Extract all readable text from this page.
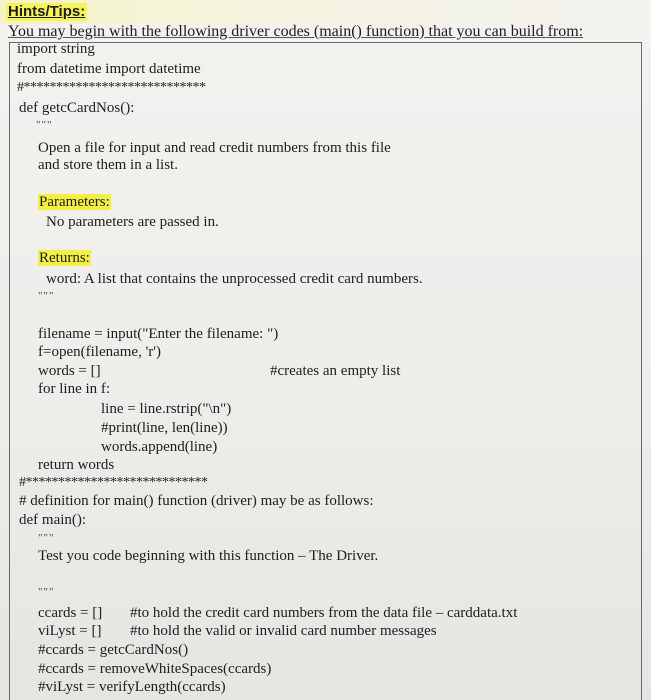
Hints/Tips:
You may begin with the following driver codes (main() function) that you can build from:
import string
from datetime import datetime
#****************************
def getcCardNos():
"""
Open a file for input and read credit numbers from this file
and store them in a list.
Parameters:
No parameters are passed in.
Returns:
word: A list that contains the unprocessed credit card numbers.
"""
filename = input("Enter the filename: ")
f=open(filename, 'r')
words = []	#creates an empty list
for line in f:
line = line.rstrip("\n")
#print(line, len(line))
words.append(line)
return words
#****************************
# definition for main() function (driver) may be as follows:
def main():
"""
Test you code beginning with this function – The Driver.
"""
ccards = [] #to hold the credit card numbers from the data file – carddata.txt
viLyst = [] #to hold the valid or invalid card number messages
#ccards = getcCardNos()
#ccards = removeWhiteSpaces(ccards)
#viLyst = verifyLength(ccards)
